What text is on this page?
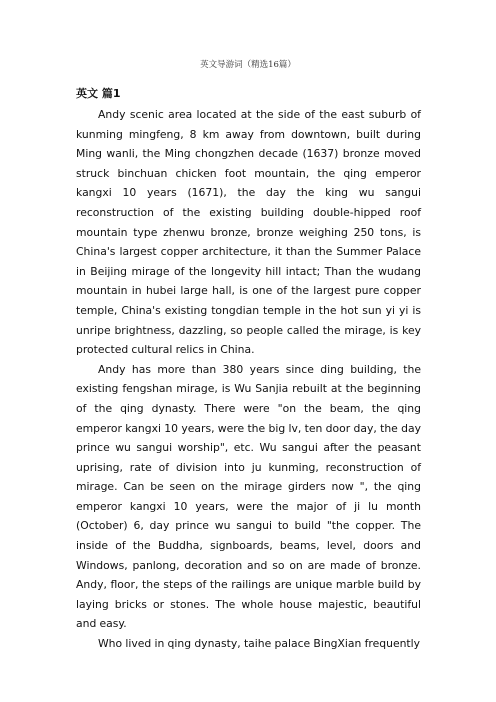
英文导游词（精选16篇）
英文 篇1

Andy scenic area located at the side of the east suburb of kunming mingfeng, 8 km away from downtown, built during Ming wanli, the Ming chongzhen decade (1637) bronze moved struck binchuan chicken foot mountain, the qing emperor kangxi 10 years (1671), the day the king wu sangui reconstruction of the existing building double-hipped roof mountain type zhenwu bronze, bronze weighing 250 tons, is China's largest copper architecture, it than the Summer Palace in Beijing mirage of the longevity hill intact; Than the wudang mountain in hubei large hall, is one of the largest pure copper temple, China's existing tongdian temple in the hot sun yi yi is unripe brightness, dazzling, so people called the mirage, is key protected cultural relics in China.

Andy has more than 380 years since ding building, the existing fengshan mirage, is Wu Sanjia rebuilt at the beginning of the qing dynasty. There were "on the beam, the qing emperor kangxi 10 years, were the big lv, ten door day, the day prince wu sangui worship", etc. Wu sangui after the peasant uprising, rate of division into ju kunming, reconstruction of mirage. Can be seen on the mirage girders now ", the qing emperor kangxi 10 years, were the major of ji lu month (October) 6, day prince wu sangui to build "the copper. The inside of the Buddha, signboards, beams, level, doors and Windows, panlong, decoration and so on are made of bronze. Andy, floor, the steps of the railings are unique marble build by laying bricks or stones. The whole house majestic, beautiful and easy.

Who lived in qing dynasty, taihe palace BingXian frequently
